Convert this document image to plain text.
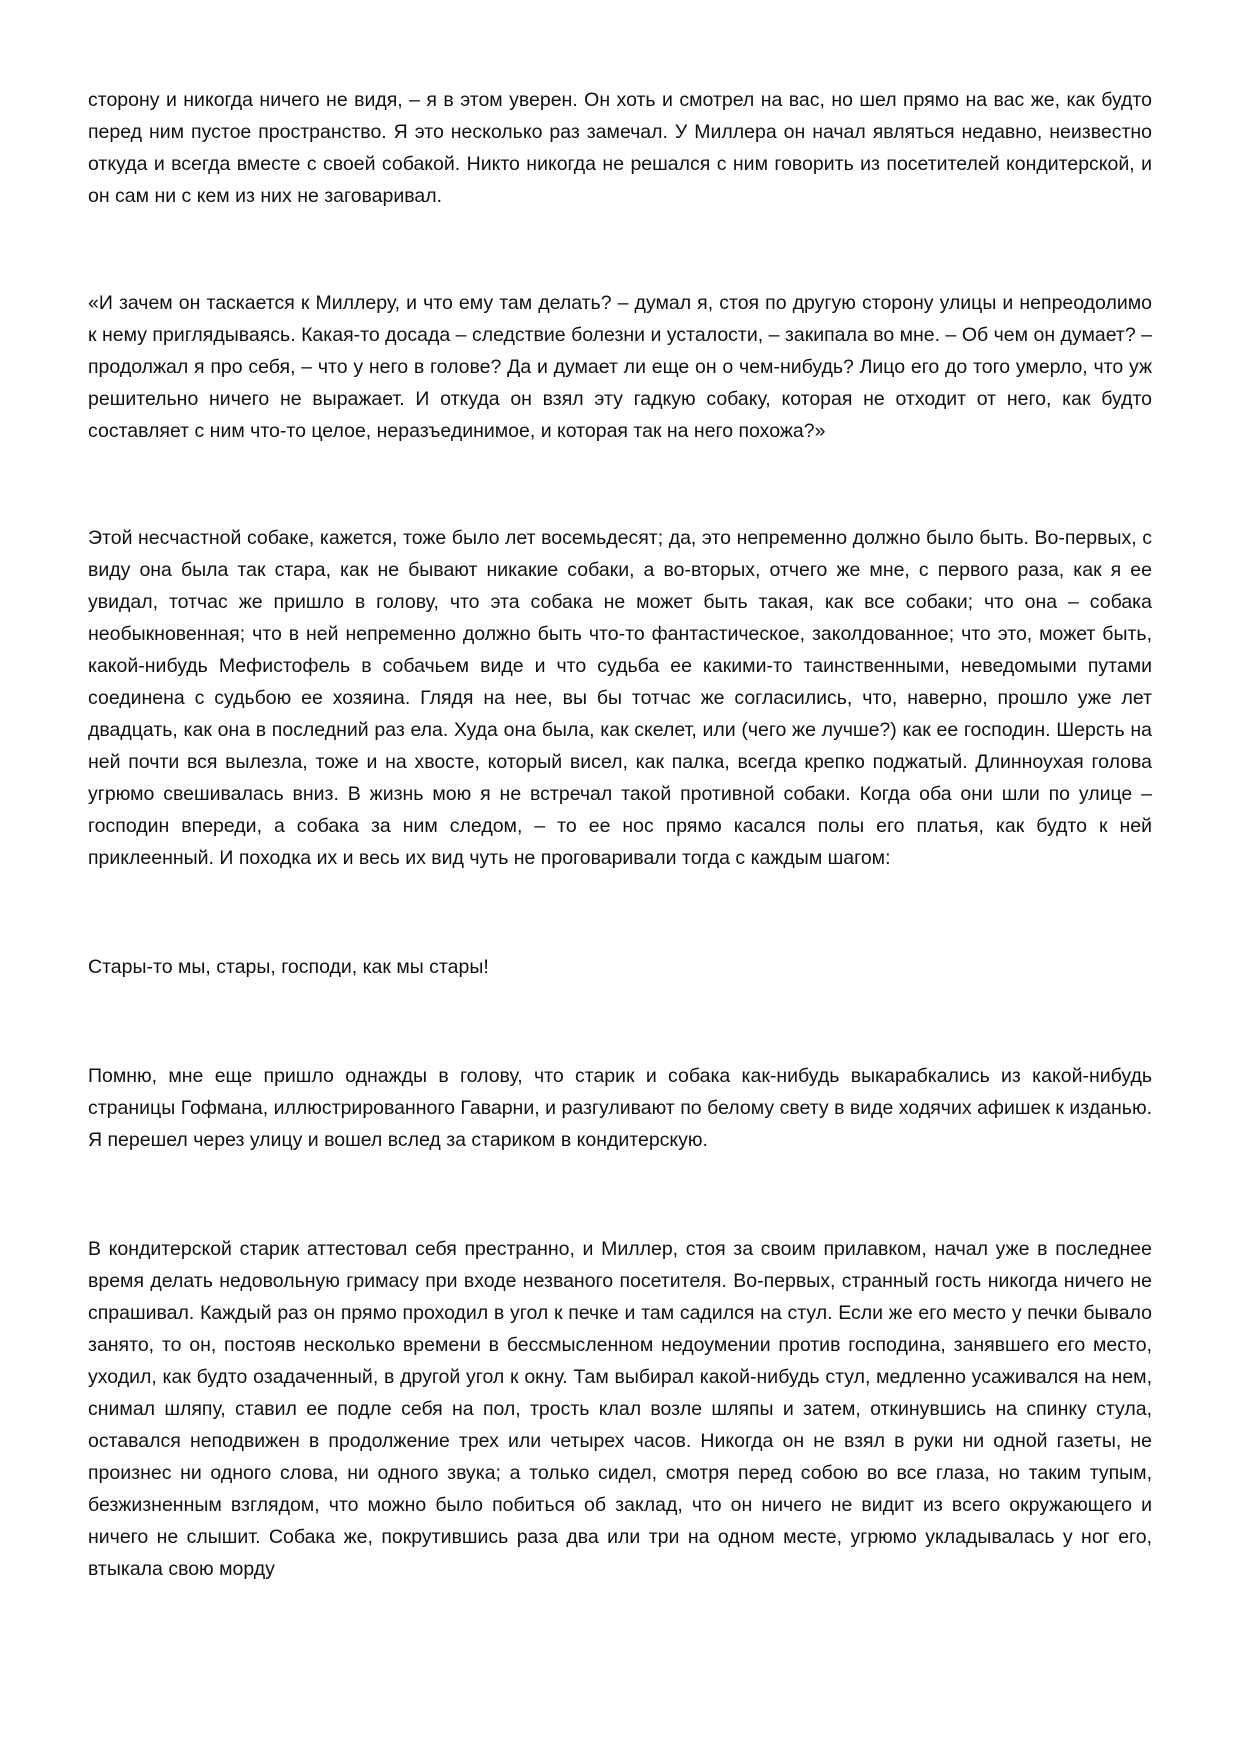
сторону и никогда ничего не видя, – я в этом уверен. Он хоть и смотрел на вас, но шел прямо на вас же, как будто перед ним пустое пространство. Я это несколько раз замечал. У Миллера он начал являться недавно, неизвестно откуда и всегда вместе с своей собакой. Никто никогда не решался с ним говорить из посетителей кондитерской, и он сам ни с кем из них не заговаривал.

«И зачем он таскается к Миллеру, и что ему там делать? – думал я, стоя по другую сторону улицы и непреодолимо к нему приглядываясь. Какая-то досада – следствие болезни и усталости, – закипала во мне. – Об чем он думает? – продолжал я про себя, – что у него в голове? Да и думает ли еще он о чем-нибудь? Лицо его до того умерло, что уж решительно ничего не выражает. И откуда он взял эту гадкую собаку, которая не отходит от него, как будто составляет с ним что-то целое, неразъединимое, и которая так на него похожа?»

Этой несчастной собаке, кажется, тоже было лет восемьдесят; да, это непременно должно было быть. Во-первых, с виду она была так стара, как не бывают никакие собаки, а во-вторых, отчего же мне, с первого раза, как я ее увидал, тотчас же пришло в голову, что эта собака не может быть такая, как все собаки; что она – собака необыкновенная; что в ней непременно должно быть что-то фантастическое, заколдованное; что это, может быть, какой-нибудь Мефистофель в собачьем виде и что судьба ее какими-то таинственными, неведомыми путами соединена с судьбою ее хозяина. Глядя на нее, вы бы тотчас же согласились, что, наверно, прошло уже лет двадцать, как она в последний раз ела. Худа она была, как скелет, или (чего же лучше?) как ее господин. Шерсть на ней почти вся вылезла, тоже и на хвосте, который висел, как палка, всегда крепко поджатый. Длинноухая голова угрюмо свешивалась вниз. В жизнь мою я не встречал такой противной собаки. Когда оба они шли по улице – господин впереди, а собака за ним следом, – то ее нос прямо касался полы его платья, как будто к ней приклеенный. И походка их и весь их вид чуть не проговаривали тогда с каждым шагом:

Стары-то мы, стары, господи, как мы стары!

Помню, мне еще пришло однажды в голову, что старик и собака как-нибудь выкарабкались из какой-нибудь страницы Гофмана, иллюстрированного Гаварни, и разгуливают по белому свету в виде ходячих афишек к изданью. Я перешел через улицу и вошел вслед за стариком в кондитерскую.

В кондитерской старик аттестовал себя престранно, и Миллер, стоя за своим прилавком, начал уже в последнее время делать недовольную гримасу при входе незваного посетителя. Во-первых, странный гость никогда ничего не спрашивал. Каждый раз он прямо проходил в угол к печке и там садился на стул. Если же его место у печки бывало занято, то он, постояв несколько времени в бессмысленном недоумении против господина, занявшего его место, уходил, как будто озадаченный, в другой угол к окну. Там выбирал какой-нибудь стул, медленно усаживался на нем, снимал шляпу, ставил ее подле себя на пол, трость клал возле шляпы и затем, откинувшись на спинку стула, оставался неподвижен в продолжение трех или четырех часов. Никогда он не взял в руки ни одной газеты, не произнес ни одного слова, ни одного звука; а только сидел, смотря перед собою во все глаза, но таким тупым, безжизненным взглядом, что можно было побиться об заклад, что он ничего не видит из всего окружающего и ничего не слышит. Собака же, покрутившись раза два или три на одном месте, угрюмо укладывалась у ног его, втыкала свою морду
